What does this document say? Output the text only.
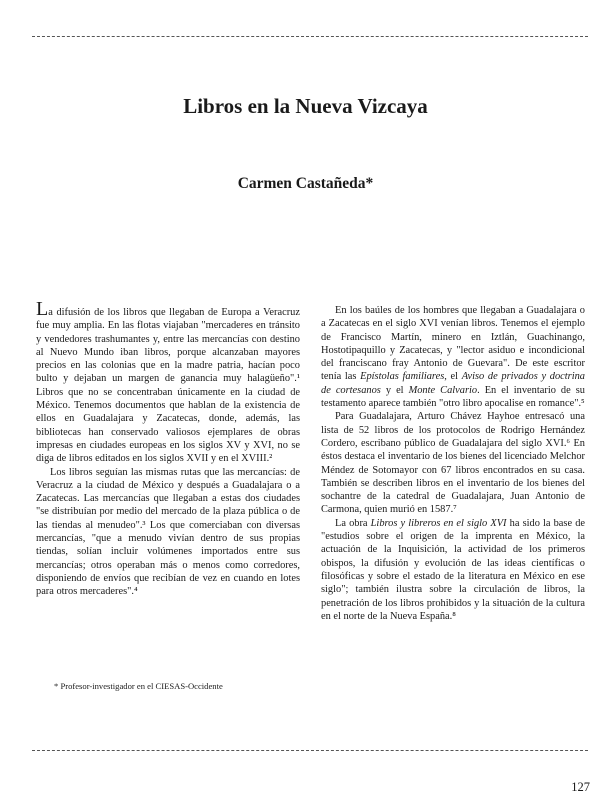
Libros en la Nueva Vizcaya
Carmen Castañeda*

La difusión de los libros que llegaban de Europa a Veracruz fue muy amplia. En las flotas viajaban "mercaderes en tránsito y vendedores trashumantes y, entre las mercancías con destino al Nuevo Mundo iban libros, porque alcanzaban mayores precios en las colonias que en la madre patria, hacían poco bulto y dejaban un margen de ganancia muy halagüeño".¹ Libros que no se concentraban únicamente en la ciudad de México. Tenemos documentos que hablan de la existencia de ellos en Guadalajara y Zacatecas, donde, además, las bibliotecas han conservado valiosos ejemplares de obras impresas en ciudades europeas en los siglos XV y XVI, no se diga de libros editados en los siglos XVII y en el XVIII.²

Los libros seguían las mismas rutas que las mercancías: de Veracruz a la ciudad de México y después a Guadalajara o a Zacatecas. Las mercancías que llegaban a estas dos ciudades "se distribuían por medio del mercado de la plaza pública o de las tiendas al menudeo".³ Los que comerciaban con diversas mercancías, "que a menudo vivían dentro de sus propias tiendas, solían incluir volúmenes importados entre sus mercancías; otros operaban más o menos como corredores, disponiendo de envíos que recibían de vez en cuando en lotes para otros mercaderes".⁴

* Profesor-investigador en el CIESAS-Occidente

En los baúles de los hombres que llegaban a Guadalajara o a Zacatecas en el siglo XVI venían libros. Tenemos el ejemplo de Francisco Martín, minero en Iztlán, Guachinango, Hostotipaquillo y Zacatecas, y "lector asiduo e incondicional del franciscano fray Antonio de Guevara". De este escritor tenía las Epístolas familiares, el Aviso de privados y doctrina de cortesanos y el Monte Calvario. En el inventario de su testamento aparece también "otro libro apocalise en romance".⁵

Para Guadalajara, Arturo Chávez Hayhoe entresacó una lista de 52 libros de los protocolos de Rodrigo Hernández Cordero, escribano público de Guadalajara del siglo XVI.⁶ En éstos destaca el inventario de los bienes del licenciado Melchor Méndez de Sotomayor con 67 libros encontrados en su casa. También se describen libros en el inventario de los bienes del sochantre de la catedral de Guadalajara, Juan Antonio de Carmona, quien murió en 1587.⁷

La obra Libros y libreros en el siglo XVI ha sido la base de "estudios sobre el origen de la imprenta en México, la actuación de la Inquisición, la actividad de los primeros obispos, la difusión y evolución de las ideas científicas o filosóficas y sobre el estado de la literatura en México en ese siglo"; también ilustra sobre la circulación de libros, la penetración de los libros prohibidos y la situación de la cultura en el norte de la Nueva España.⁸

127
